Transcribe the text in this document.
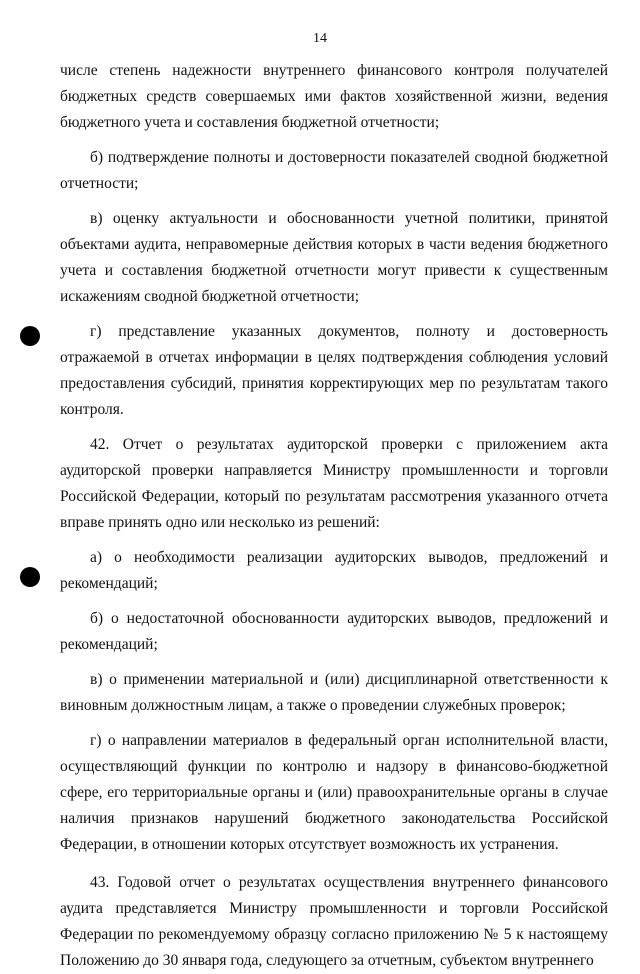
14

числе степень надежности внутреннего финансового контроля получателей бюджетных средств совершаемых ими фактов хозяйственной жизни, ведения бюджетного учета и составления бюджетной отчетности;

б) подтверждение полноты и достоверности показателей сводной бюджетной отчетности;

в) оценку актуальности и обоснованности учетной политики, принятой объектами аудита, неправомерные действия которых в части ведения бюджетного учета и составления бюджетной отчетности могут привести к существенным искажениям сводной бюджетной отчетности;

г) представление указанных документов, полноту и достоверность отражаемой в отчетах информации в целях подтверждения соблюдения условий предоставления субсидий, принятия корректирующих мер по результатам такого контроля.

42. Отчет о результатах аудиторской проверки с приложением акта аудиторской проверки направляется Министру промышленности и торговли Российской Федерации, который по результатам рассмотрения указанного отчета вправе принять одно или несколько из решений:

а) о необходимости реализации аудиторских выводов, предложений и рекомендаций;

б) о недостаточной обоснованности аудиторских выводов, предложений и рекомендаций;

в) о применении материальной и (или) дисциплинарной ответственности к виновным должностным лицам, а также о проведении служебных проверок;

г) о направлении материалов в федеральный орган исполнительной власти, осуществляющий функции по контролю и надзору в финансово-бюджетной сфере, его территориальные органы и (или) правоохранительные органы в случае наличия признаков нарушений бюджетного законодательства Российской Федерации, в отношении которых отсутствует возможность их устранения.

43. Годовой отчет о результатах осуществления внутреннего финансового аудита представляется Министру промышленности и торговли Российской Федерации по рекомендуемому образцу согласно приложению № 5 к настоящему Положению до 30 января года, следующего за отчетным, субъектом внутреннего
